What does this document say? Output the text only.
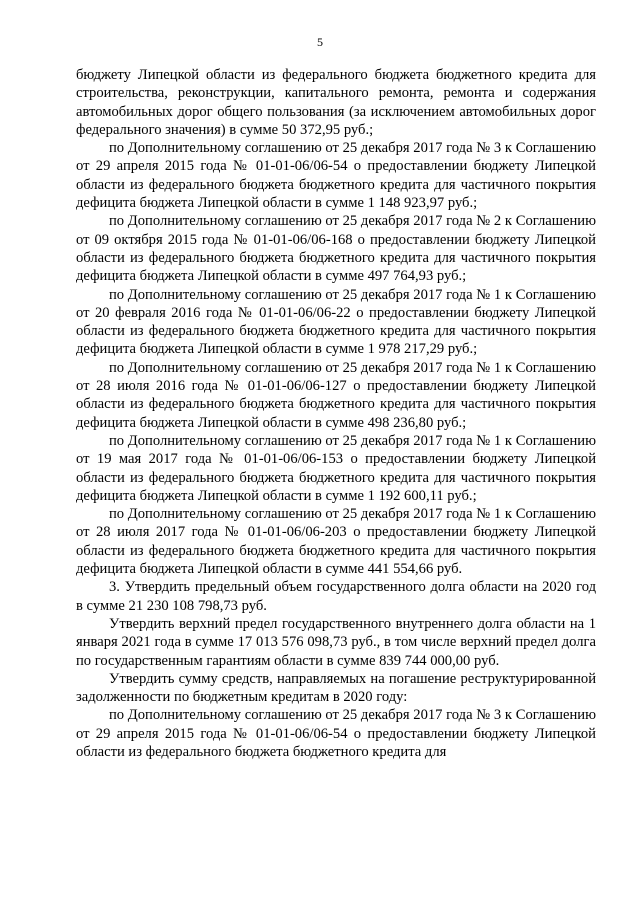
5

бюджету Липецкой области из федерального бюджета бюджетного кредита для строительства, реконструкции, капитального ремонта, ремонта и содержания автомобильных дорог общего пользования (за исключением автомобильных дорог федерального значения) в сумме 50 372,95 руб.;

по Дополнительному соглашению от 25 декабря 2017 года № 3 к Соглашению от 29 апреля 2015 года № 01-01-06/06-54 о предоставлении бюджету Липецкой области из федерального бюджета бюджетного кредита для частичного покрытия дефицита бюджета Липецкой области в сумме 1 148 923,97 руб.;

по Дополнительному соглашению от 25 декабря 2017 года № 2 к Соглашению от 09 октября 2015 года № 01-01-06/06-168 о предоставлении бюджету Липецкой области из федерального бюджета бюджетного кредита для частичного покрытия дефицита бюджета Липецкой области в сумме 497 764,93 руб.;

по Дополнительному соглашению от 25 декабря 2017 года № 1 к Соглашению от 20 февраля 2016 года № 01-01-06/06-22 о предоставлении бюджету Липецкой области из федерального бюджета бюджетного кредита для частичного покрытия дефицита бюджета Липецкой области в сумме 1 978 217,29 руб.;

по Дополнительному соглашению от 25 декабря 2017 года № 1 к Соглашению от 28 июля 2016 года № 01-01-06/06-127 о предоставлении бюджету Липецкой области из федерального бюджета бюджетного кредита для частичного покрытия дефицита бюджета Липецкой области в сумме 498 236,80 руб.;

по Дополнительному соглашению от 25 декабря 2017 года № 1 к Соглашению от 19 мая 2017 года № 01-01-06/06-153 о предоставлении бюджету Липецкой области из федерального бюджета бюджетного кредита для частичного покрытия дефицита бюджета Липецкой области в сумме 1 192 600,11 руб.;

по Дополнительному соглашению от 25 декабря 2017 года № 1 к Соглашению от 28 июля 2017 года № 01-01-06/06-203 о предоставлении бюджету Липецкой области из федерального бюджета бюджетного кредита для частичного покрытия дефицита бюджета Липецкой области в сумме 441 554,66 руб.

3. Утвердить предельный объем государственного долга области на 2020 год в сумме 21 230 108 798,73 руб.

Утвердить верхний предел государственного внутреннего долга области на 1 января 2021 года в сумме 17 013 576 098,73 руб., в том числе верхний предел долга по государственным гарантиям области в сумме 839 744 000,00 руб.

Утвердить сумму средств, направляемых на погашение реструктурированной задолженности по бюджетным кредитам в 2020 году:

по Дополнительному соглашению от 25 декабря 2017 года № 3 к Соглашению от 29 апреля 2015 года № 01-01-06/06-54 о предоставлении бюджету Липецкой области из федерального бюджета бюджетного кредита для
